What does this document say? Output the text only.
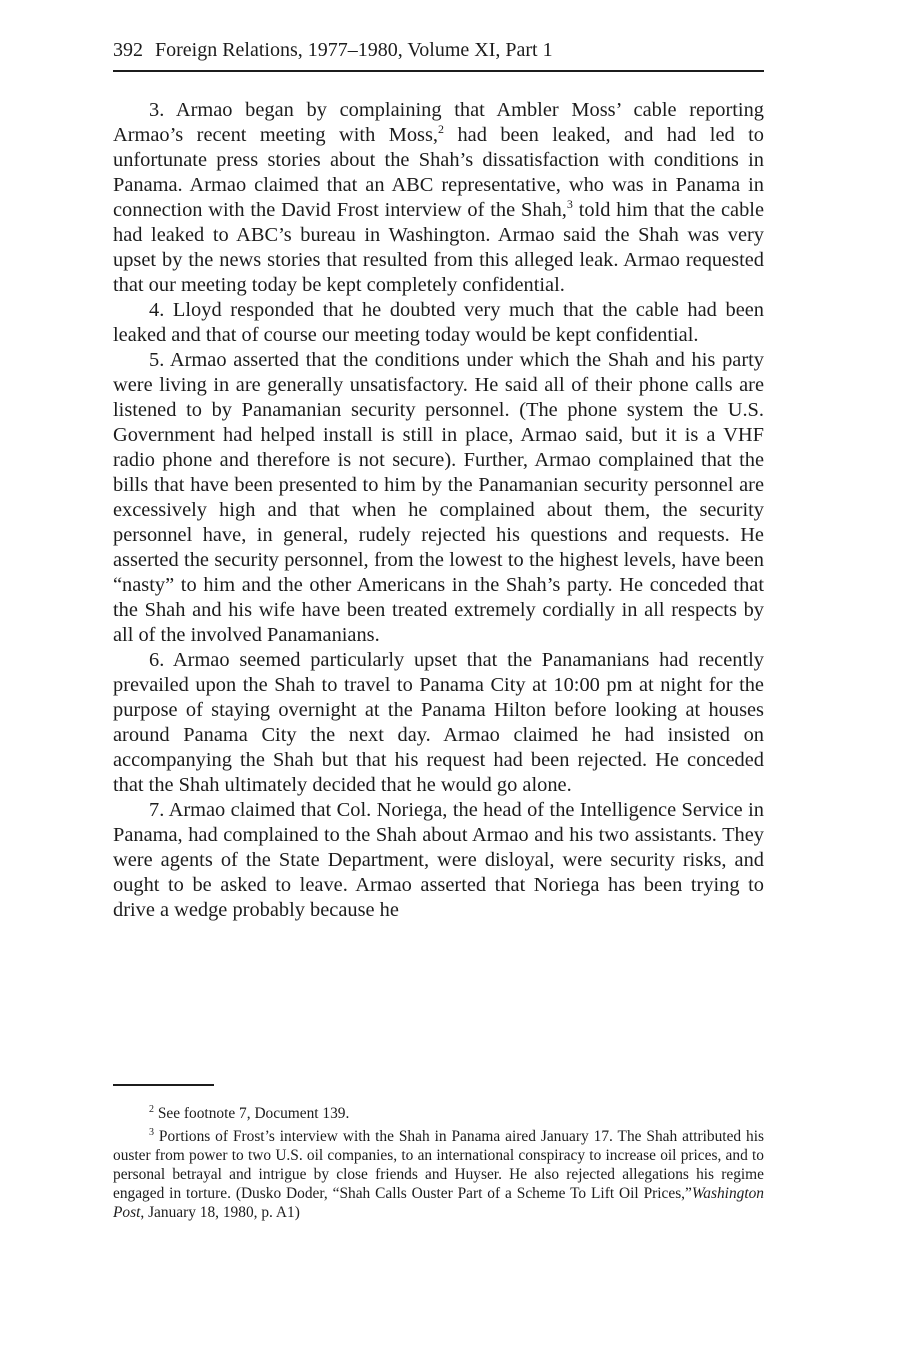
392 Foreign Relations, 1977–1980, Volume XI, Part 1

3. Armao began by complaining that Ambler Moss’ cable reporting Armao’s recent meeting with Moss,$^2$ had been leaked, and had led to unfortunate press stories about the Shah’s dissatisfaction with conditions in Panama. Armao claimed that an ABC representative, who was in Panama in connection with the David Frost interview of the Shah,$^3$ told him that the cable had leaked to ABC’s bureau in Washington. Armao said the Shah was very upset by the news stories that resulted from this alleged leak. Armao requested that our meeting today be kept completely confidential.

4. Lloyd responded that he doubted very much that the cable had been leaked and that of course our meeting today would be kept confidential.

5. Armao asserted that the conditions under which the Shah and his party were living in are generally unsatisfactory. He said all of their phone calls are listened to by Panamanian security personnel. (The phone system the U.S. Government had helped install is still in place, Armao said, but it is a VHF radio phone and therefore is not secure). Further, Armao complained that the bills that have been presented to him by the Panamanian security personnel are excessively high and that when he complained about them, the security personnel have, in general, rudely rejected his questions and requests. He asserted the security personnel, from the lowest to the highest levels, have been “nasty” to him and the other Americans in the Shah’s party. He conceded that the Shah and his wife have been treated extremely cordially in all respects by all of the involved Panamanians.

6. Armao seemed particularly upset that the Panamanians had recently prevailed upon the Shah to travel to Panama City at 10:00 pm at night for the purpose of staying overnight at the Panama Hilton before looking at houses around Panama City the next day. Armao claimed he had insisted on accompanying the Shah but that his request had been rejected. He conceded that the Shah ultimately decided that he would go alone.

7. Armao claimed that Col. Noriega, the head of the Intelligence Service in Panama, had complained to the Shah about Armao and his two assistants. They were agents of the State Department, were disloyal, were security risks, and ought to be asked to leave. Armao asserted that Noriega has been trying to drive a wedge probably because he

$^2$ See footnote 7, Document 139.

$^3$ Portions of Frost’s interview with the Shah in Panama aired January 17. The Shah attributed his ouster from power to two U.S. oil companies, to an international conspiracy to increase oil prices, and to personal betrayal and intrigue by close friends and Huyser. He also rejected allegations his regime engaged in torture. (Dusko Doder, “Shah Calls Ouster Part of a Scheme To Lift Oil Prices,”Washington Post, January 18, 1980, p. A1)
